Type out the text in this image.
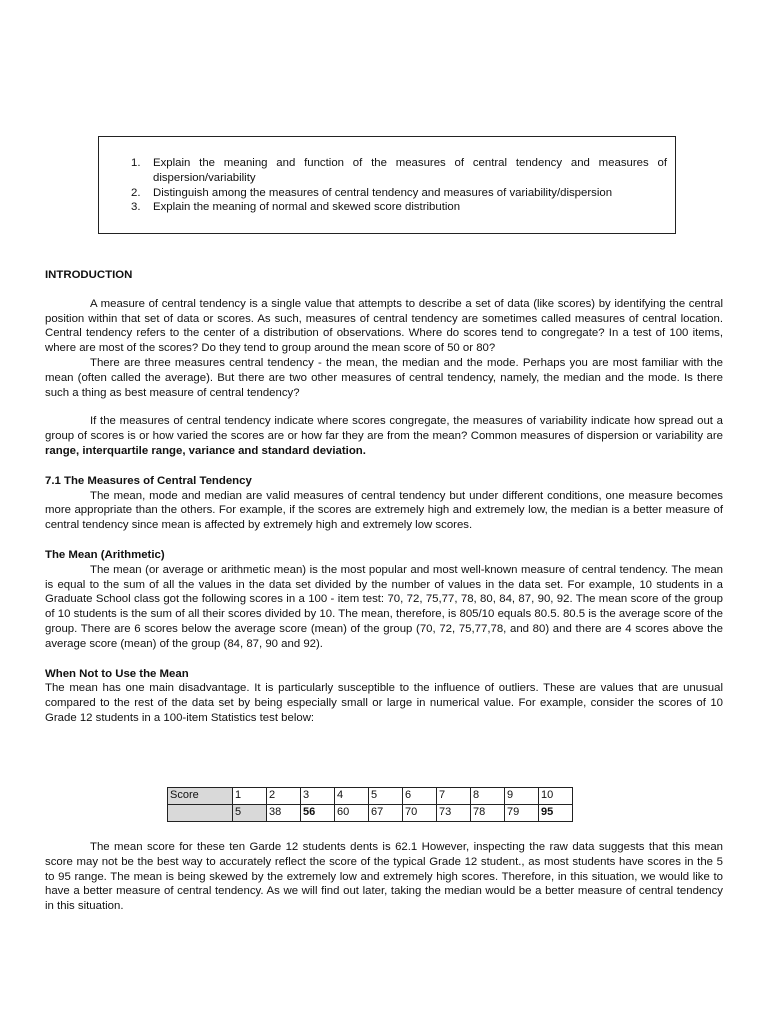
1.	Explain the meaning and function of the measures of central tendency and measures of dispersion/variability
2.	Distinguish among the measures of central tendency and measures of variability/dispersion
3.	Explain the meaning of normal and skewed score distribution

INTRODUCTION

A measure of central tendency is a single value that attempts to describe a set of data (like scores) by identifying the central position within that set of data or scores. As such, measures of central tendency are sometimes called measures of central location. Central tendency refers to the center of a distribution of observations. Where do scores tend to congregate? In a test of 100 items, where are most of the scores? Do they tend to group around the mean score of 50 or 80?

There are three measures central tendency - the mean, the median and the mode. Perhaps you are most familiar with the mean (often called the average). But there are two other measures of central tendency, namely, the median and the mode. Is there such a thing as best measure of central tendency?

If the measures of central tendency indicate where scores congregate, the measures of variability indicate how spread out a group of scores is or how varied the scores are or how far they are from the mean? Common measures of dispersion or variability are range, interquartile range, variance and standard deviation.

7.1 The Measures of Central Tendency

The mean, mode and median are valid measures of central tendency but under different conditions, one measure becomes more appropriate than the others. For example, if the scores are extremely high and extremely low, the median is a better measure of central tendency since mean is affected by extremely high and extremely low scores.

The Mean (Arithmetic)

The mean (or average or arithmetic mean) is the most popular and most well-known measure of central tendency. The mean is equal to the sum of all the values in the data set divided by the number of values in the data set. For example, 10 students in a Graduate School class got the following scores in a 100 - item test: 70, 72, 75,77, 78, 80, 84, 87, 90, 92. The mean score of the group of 10 students is the sum of all their scores divided by 10. The mean, therefore, is 805/10 equals 80.5. 80.5 is the average score of the group. There are 6 scores below the average score (mean) of the group (70, 72, 75,77,78, and 80) and there are 4 scores above the average score (mean) of the group (84, 87, 90 and 92).

When Not to Use the Mean

The mean has one main disadvantage. It is particularly susceptible to the influence of outliers. These are values that are unusual compared to the rest of the data set by being especially small or large in numerical value. For example, consider the scores of 10 Grade 12 students in a 100-item Statistics test below:

Score	1	2	3	4	5	6	7	8	9	10
	5	38	56	60	67	70	73	78	79	95

The mean score for these ten Garde 12 students dents is 62.1 However, inspecting the raw data suggests that this mean score may not be the best way to accurately reflect the score of the typical Grade 12 student., as most students have scores in the 5 to 95 range. The mean is being skewed by the extremely low and extremely high scores. Therefore, in this situation, we would like to have a better measure of central tendency. As we will find out later, taking the median would be a better measure of central tendency in this situation.
